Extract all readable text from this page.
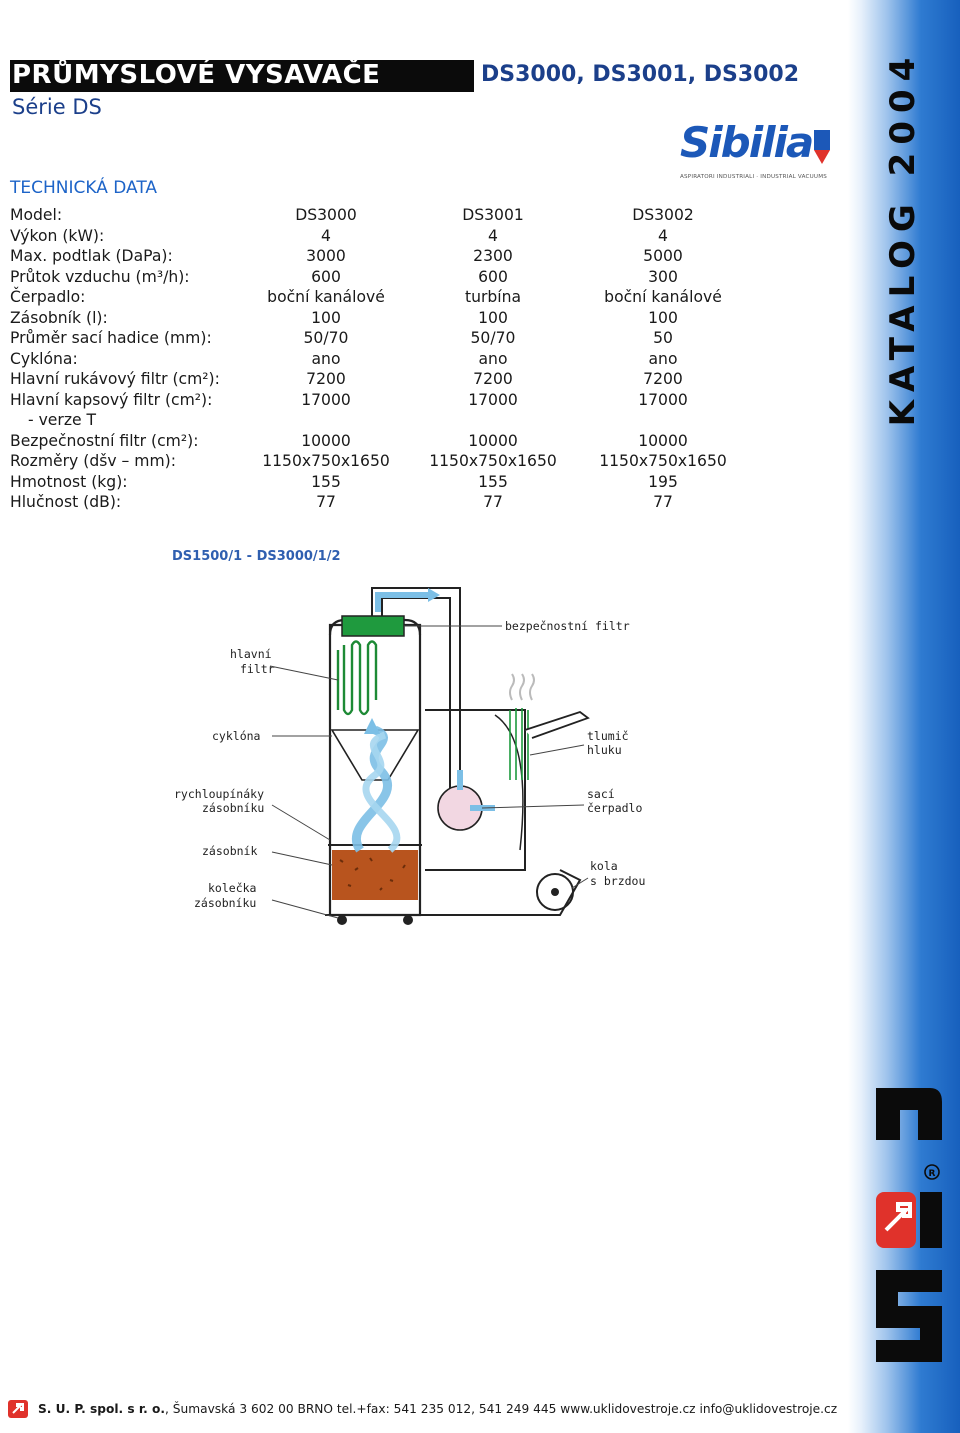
KATALOG 2004
PRŮMYSLOVÉ VYSAVAČE	DS3000, DS3001, DS3002
Série DS
Sibilia
ASPIRATORI INDUSTRIALI · INDUSTRIAL VACUUMS
TECHNICKÁ DATA
Model:	DS3000	DS3001	DS3002
Výkon (kW):	4	4	4
Max. podtlak (DaPa):	3000	2300	5000
Průtok vzduchu (m³/h):	600	600	300
Čerpadlo:	boční kanálové	turbína	boční kanálové
Zásobník (l):	100	100	100
Průměr sací hadice (mm):	50/70	50/70	50
Cyklóna:	ano	ano	ano
Hlavní rukávový filtr (cm²):	7200	7200	7200
Hlavní kapsový filtr (cm²):	17000	17000	17000
- verze T			
Bezpečnostní filtr (cm²):	10000	10000	10000
Rozměry (dšv – mm):	1150x750x1650	1150x750x1650	1150x750x1650
Hmotnost (kg):	155	155	195
Hlučnost (dB):	77	77	77
DS1500/1 - DS3000/1/2
hlavní
filtr
cyklóna
rychloupínáky
zásobníku
zásobník
kolečka
zásobníku
bezpečnostní filtr
tlumič
hluku
sací
čerpadlo
kola
s brzdou
R
S. U. P. spol. s r. o., Šumavská 3 602 00 BRNO tel.+fax: 541 235 012, 541 249 445 www.uklidovestroje.cz info@uklidovestroje.cz
